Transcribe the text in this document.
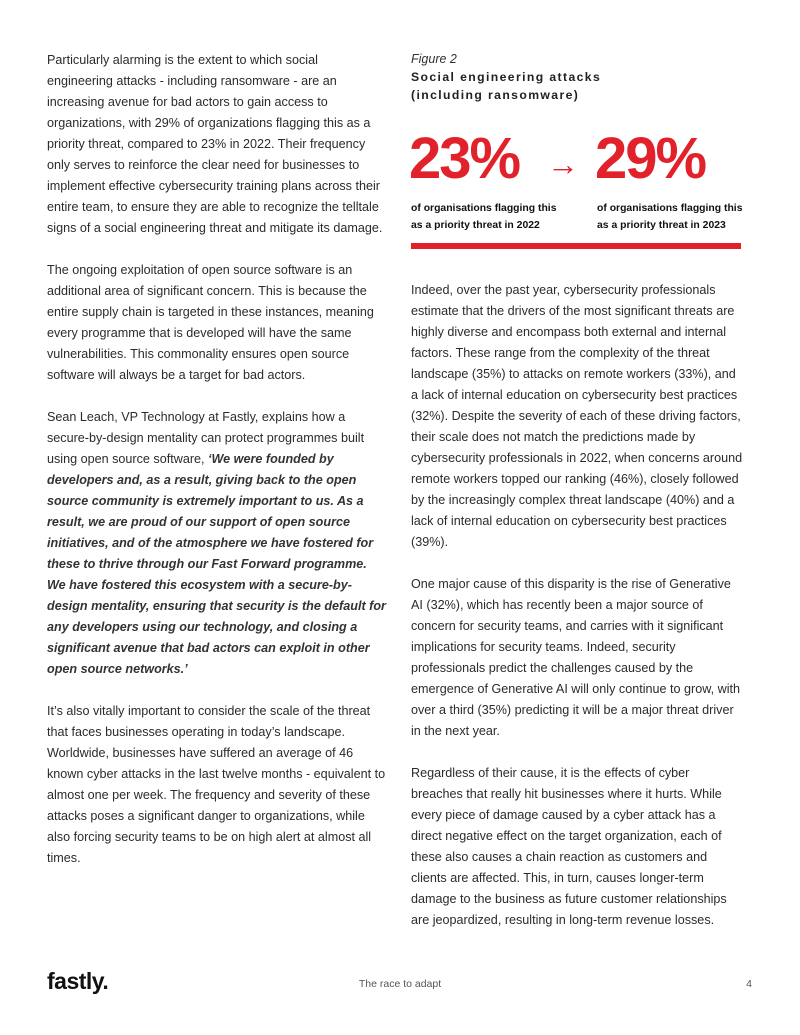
Particularly alarming is the extent to which social engineering attacks - including ransomware - are an increasing avenue for bad actors to gain access to organizations, with 29% of organizations flagging this as a priority threat, compared to 23% in 2022. Their frequency only serves to reinforce the clear need for businesses to implement effective cybersecurity training plans across their entire team, to ensure they are able to recognize the telltale signs of a social engineering threat and mitigate its damage.

The ongoing exploitation of open source software is an additional area of significant concern. This is because the entire supply chain is targeted in these instances, meaning every programme that is developed will have the same vulnerabilities. This commonality ensures open source software will always be a target for bad actors.

Sean Leach, VP Technology at Fastly, explains how a secure-by-design mentality can protect programmes built using open source software, ‘We were founded by developers and, as a result, giving back to the open source community is extremely important to us. As a result, we are proud of our support of open source initiatives, and of the atmosphere we have fostered for these to thrive through our Fast Forward programme. We have fostered this ecosystem with a secure-by-design mentality, ensuring that security is the default for any developers using our technology, and closing a significant avenue that bad actors can exploit in other open source networks.’

It’s also vitally important to consider the scale of the threat that faces businesses operating in today’s landscape. Worldwide, businesses have suffered an average of 46 known cyber attacks in the last twelve months - equivalent to almost one per week. The frequency and severity of these attacks poses a significant danger to organizations, while also forcing security teams to be on high alert at almost all times.

Figure 2
Social engineering attacks
(including ransomware)
23% → 29%
of organisations flagging this
as a priority threat in 2022
of organisations flagging this
as a priority threat in 2023

Indeed, over the past year, cybersecurity professionals estimate that the drivers of the most significant threats are highly diverse and encompass both external and internal factors. These range from the complexity of the threat landscape (35%) to attacks on remote workers (33%), and a lack of internal education on cybersecurity best practices (32%). Despite the severity of each of these driving factors, their scale does not match the predictions made by cybersecurity professionals in 2022, when concerns around remote workers topped our ranking (46%), closely followed by the increasingly complex threat landscape (40%) and a lack of internal education on cybersecurity best practices (39%).

One major cause of this disparity is the rise of Generative AI (32%), which has recently been a major source of concern for security teams, and carries with it significant implications for security teams. Indeed, security professionals predict the challenges caused by the emergence of Generative AI will only continue to grow, with over a third (35%) predicting it will be a major threat driver in the next year.

Regardless of their cause, it is the effects of cyber breaches that really hit businesses where it hurts. While every piece of damage caused by a cyber attack has a direct negative effect on the target organization, each of these also causes a chain reaction as customers and clients are affected. This, in turn, causes longer-term damage to the business as future customer relationships are jeopardized, resulting in long-term revenue losses.

fastly.	The race to adapt	4
